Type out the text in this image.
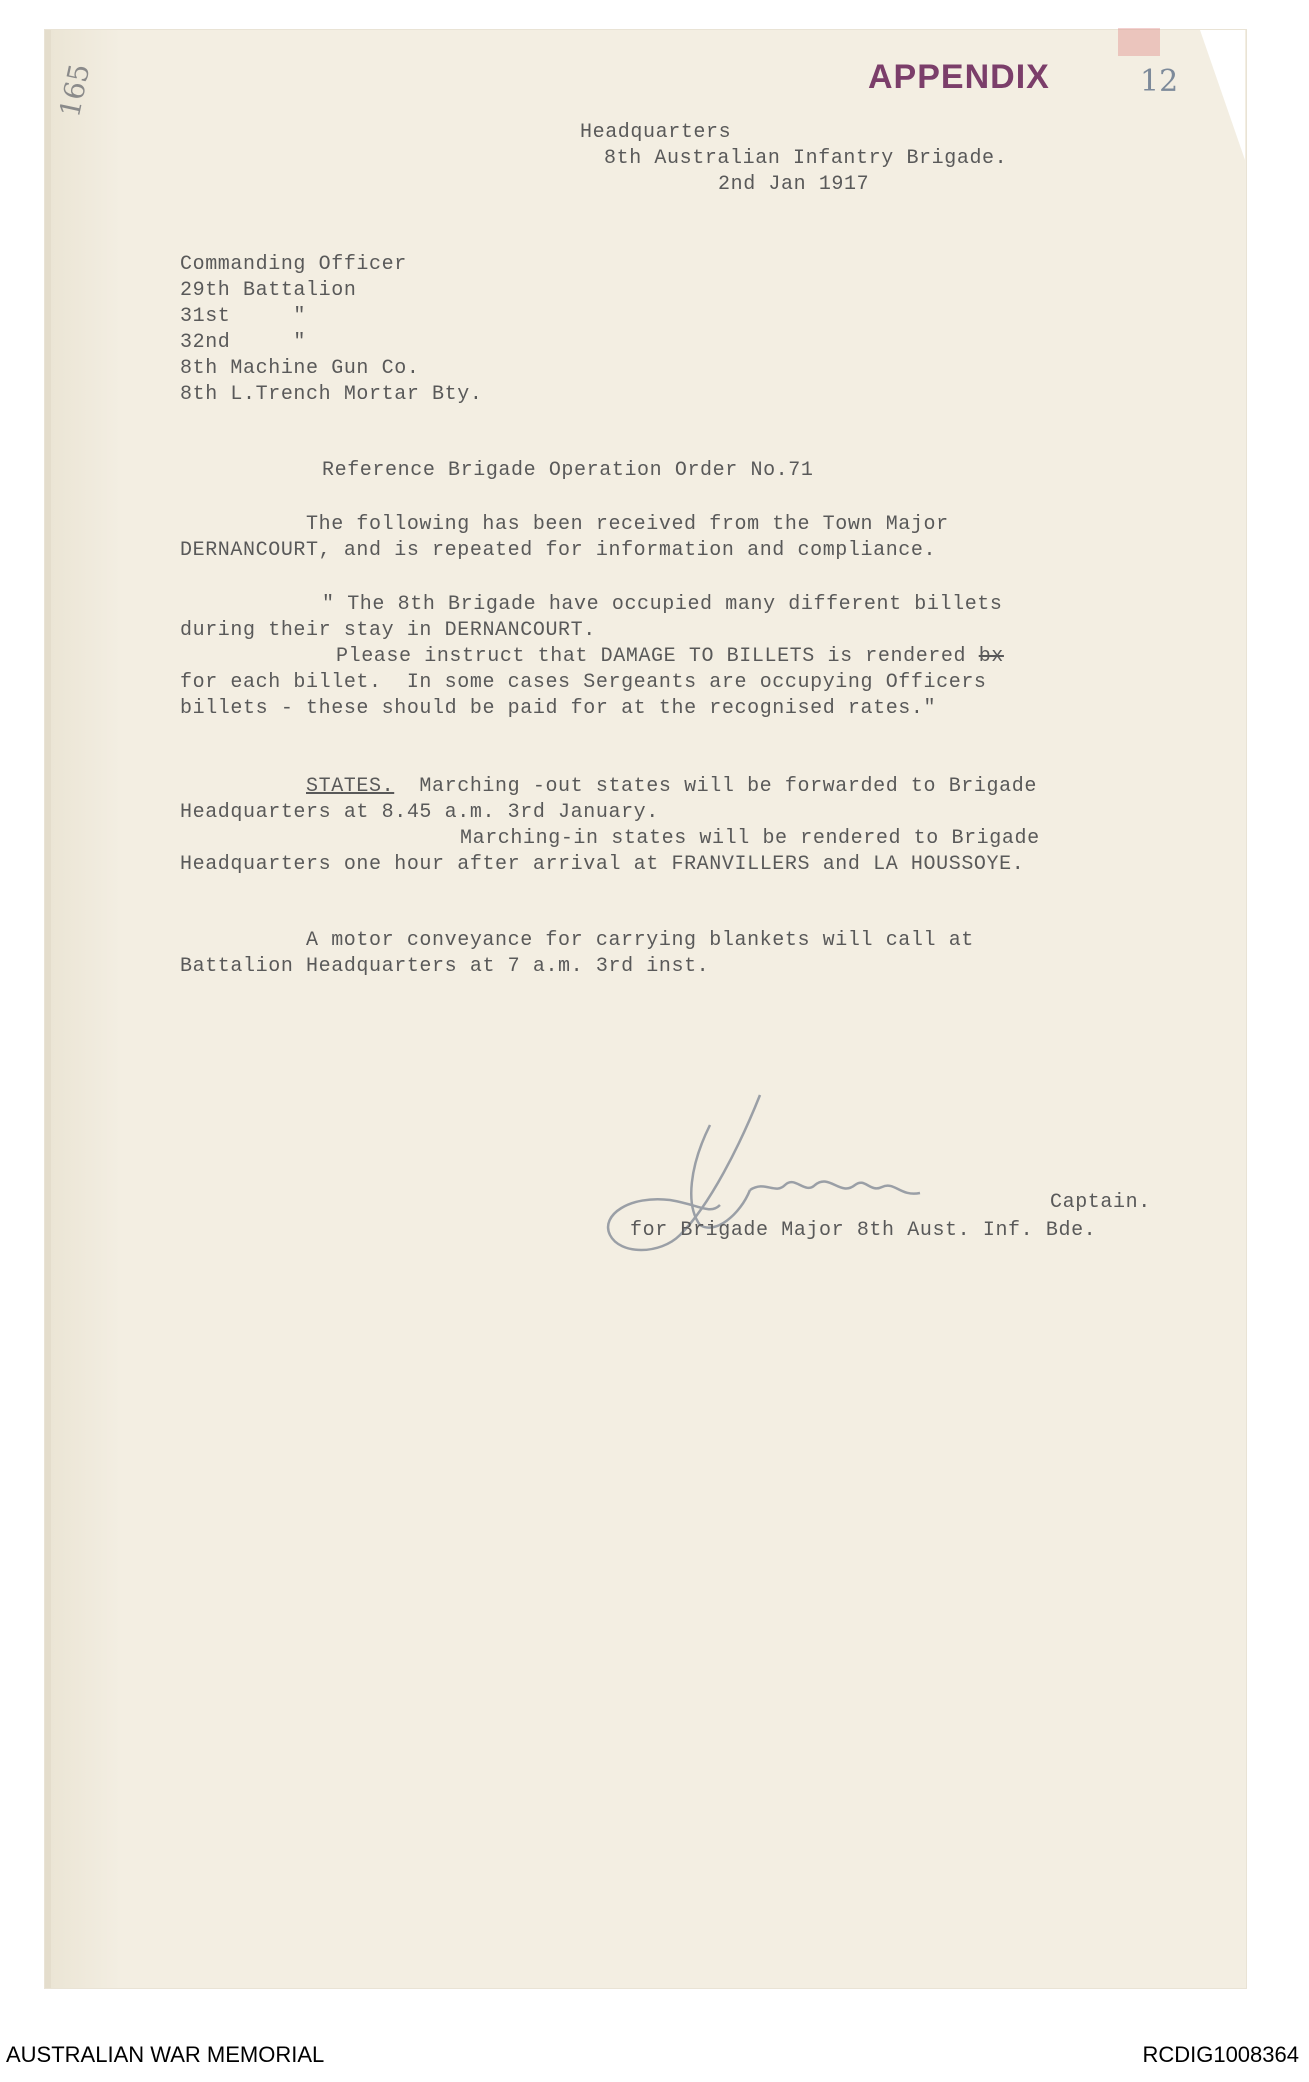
165	APPENDIX	12

Headquarters

8th Australian Infantry Brigade.

2nd Jan 1917

Commanding Officer

29th Battalion

31st     "

32nd     "

8th Machine Gun Co.

8th L.Trench Mortar Bty.

Reference Brigade Operation Order No.71

The following has been received from the Town Major

DERNANCOURT, and is repeated for information and compliance.

" The 8th Brigade have occupied many different billets

during their stay in DERNANCOURT.

Please instruct that DAMAGE TO BILLETS is rendered bx

for each billet.  In some cases Sergeants are occupying Officers

billets - these should be paid for at the recognised rates."

STATES.  Marching -out states will be forwarded to Brigade

Headquarters at 8.45 a.m. 3rd January.

Marching-in states will be rendered to Brigade

Headquarters one hour after arrival at FRANVILLERS and LA HOUSSOYE.

A motor conveyance for carrying blankets will call at

Battalion Headquarters at 7 a.m. 3rd inst.

Captain.

for Brigade Major 8th Aust. Inf. Bde.

AUSTRALIAN WAR MEMORIAL	RCDIG1008364
